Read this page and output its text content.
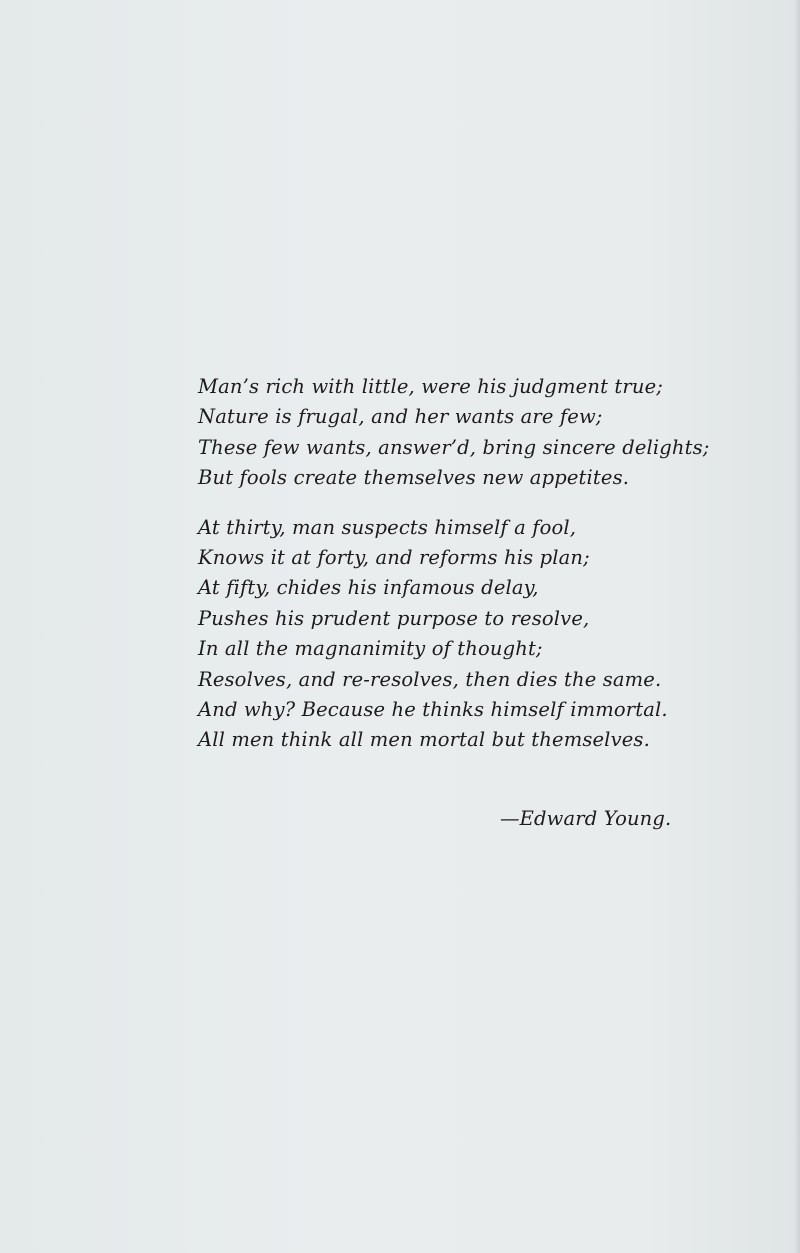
Man’s rich with little, were his judgment true;
Nature is frugal, and her wants are few;
These few wants, answer’d, bring sincere delights;
But fools create themselves new appetites.
At thirty, man suspects himself a fool,
Knows it at forty, and reforms his plan;
At fifty, chides his infamous delay,
Pushes his prudent purpose to resolve,
In all the magnanimity of thought;
Resolves, and re-resolves, then dies the same.
And why? Because he thinks himself immortal.
All men think all men mortal but themselves.
—Edward Young.
